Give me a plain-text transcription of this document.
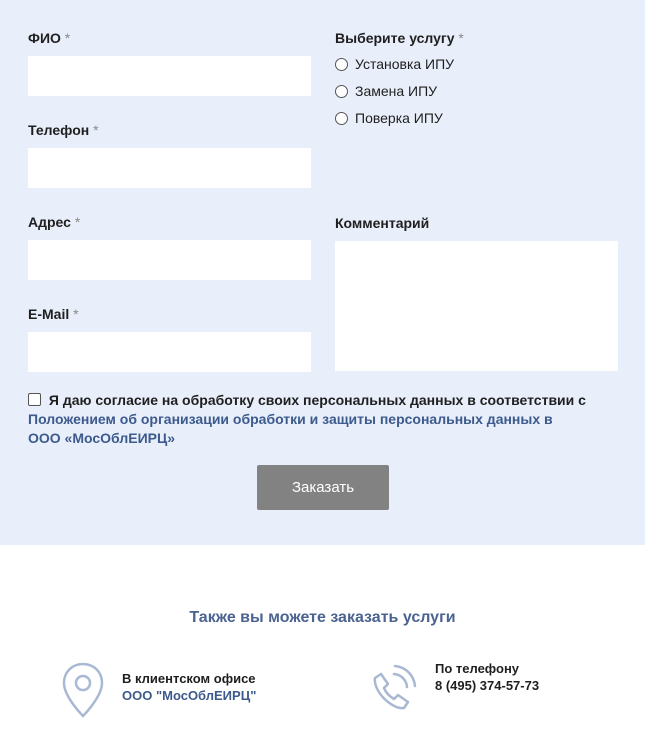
ФИО *
Телефон *
Адрес *
E-Mail *
Выберите услугу *
Установка ИПУ
Замена ИПУ
Поверка ИПУ
Комментарий
Я даю согласие на обработку своих персональных данных в соответствии с Положением об организации обработки и защиты персональных данных в ООО «МосОблЕИРЦ»
Заказать
Также вы можете заказать услуги
В клиентском офисе
ООО "МосОблЕИРЦ"
По телефону
8 (495) 374-57-73
